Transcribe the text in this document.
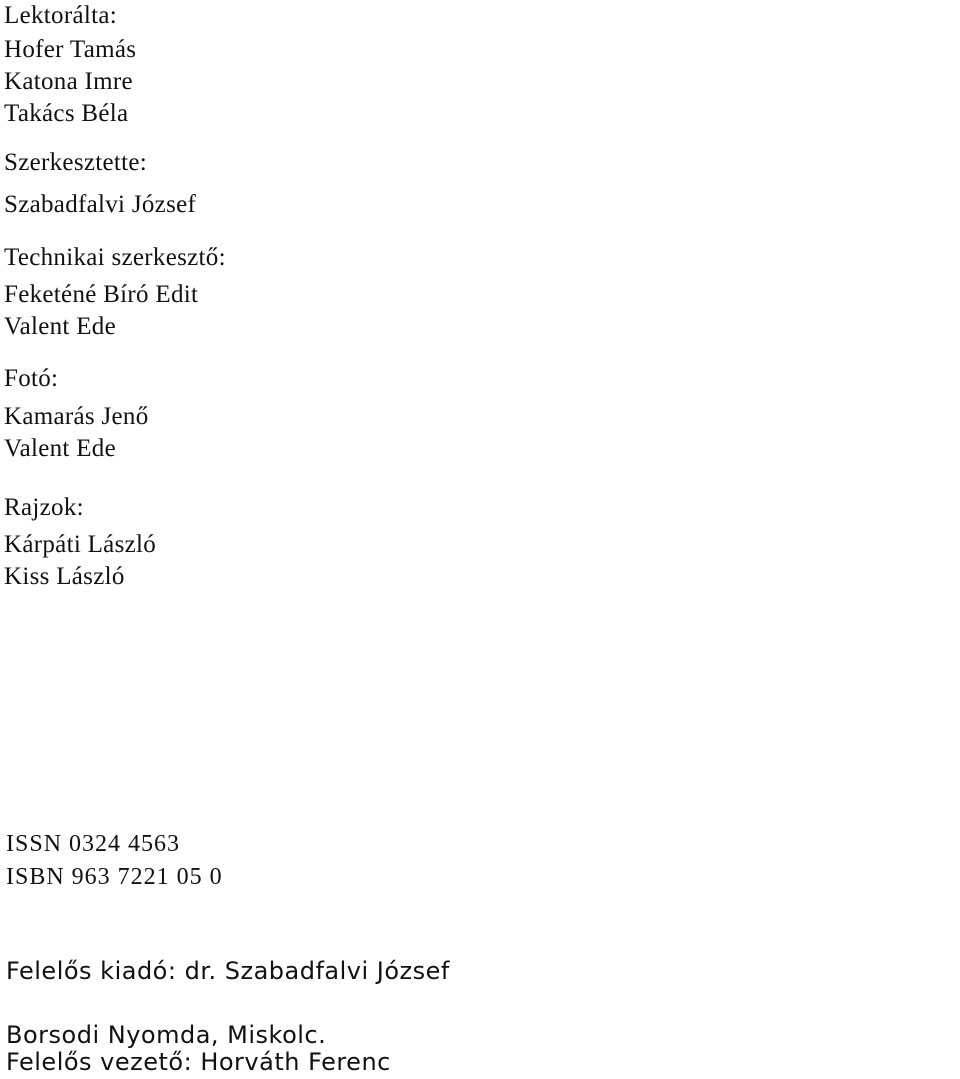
Lektorálta:
Hofer Tamás
Katona Imre
Takács Béla
Szerkesztette:
Szabadfalvi József
Technikai szerkesztő:
Feketéné Bíró Edit
Valent Ede
Fotó:
Kamarás Jenő
Valent Ede
Rajzok:
Kárpáti László
Kiss László
ISSN 0324 4563
ISBN 963 7221 05 0
Felelős kiadó: dr. Szabadfalvi József
Borsodi Nyomda, Miskolc.
Felelős vezető: Horváth Ferenc
